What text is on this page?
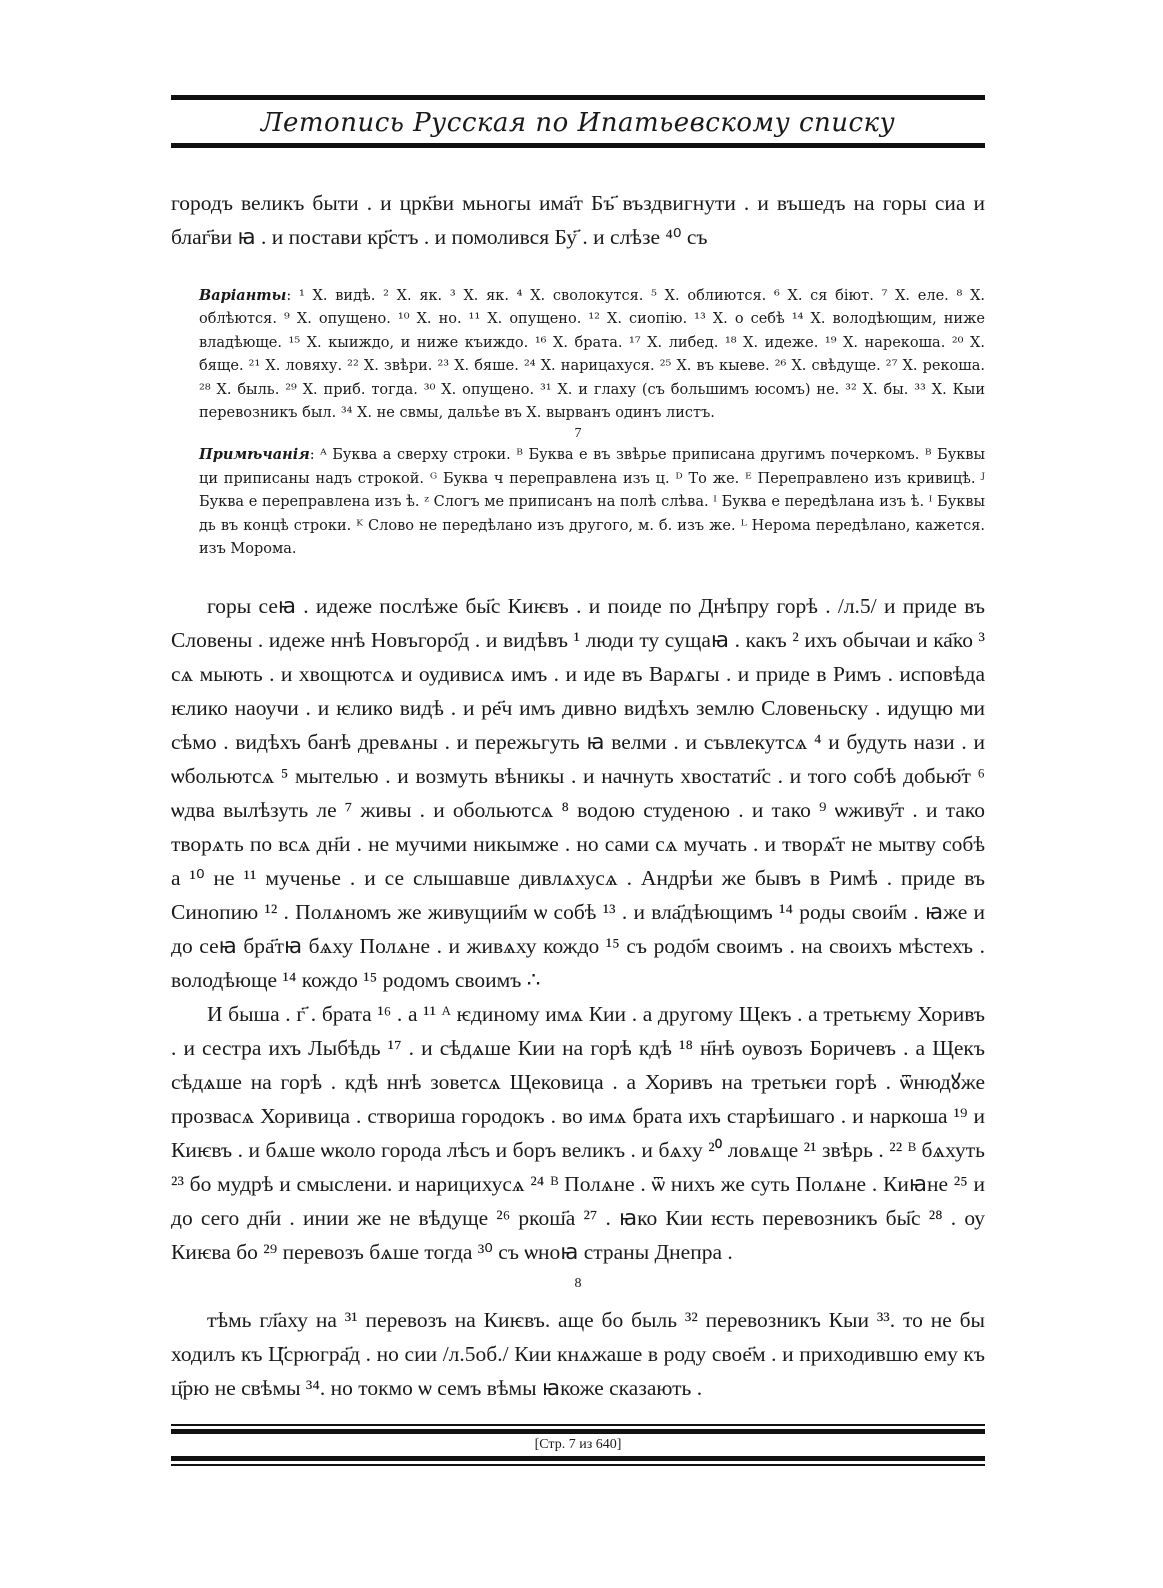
Летопись Русская по Ипатьевскому списку

городъ великъ быти . и црк҃ви мьногы има҃т Бъ҃ въздвигнути . и въшедъ на горы сиа и благ҃ви ꙗ . и постави кр҃стъ . и помолився Бу҃ . и слѣзе ⁴⁰ съ

Варіанты: ¹ Х. видѣ. ² Х. як. ³ Х. як. ⁴ Х. сволокутся. ⁵ Х. облиются. ⁶ Х. ся біют. ⁷ Х. еле. ⁸ Х. облѣются. ⁹ Х. опущено. ¹⁰ Х. но. ¹¹ Х. опущено. ¹² Х. сиопію. ¹³ Х. о себѣ ¹⁴ Х. володѣющим, ниже владѣюще. ¹⁵ Х. кыиждо, и ниже къиждо. ¹⁶ Х. брата. ¹⁷ Х. либед. ¹⁸ Х. идеже. ¹⁹ Х. нарекоша. ²⁰ Х. бяще. ²¹ Х. ловяху. ²² Х. звѣри. ²³ Х. бяше. ²⁴ Х. нарицахуся. ²⁵ Х. въ кыеве. ²⁶ Х. свѣдуще. ²⁷ Х. рекоша. ²⁸ Х. быль. ²⁹ Х. приб. тогда. ³⁰ Х. опущено. ³¹ Х. и глаху (съ большимъ юсомъ) не. ³² Х. бы. ³³ Х. Кыи перевозникъ был. ³⁴ Х. не свмы, дальѣе въ Х. вырванъ одинъ листъ.

7

Примѣчанія: ᴬ Буква а сверху строки. ᴮ Буква е въ звѣрье приписана другимъ почеркомъ. ᴮ Буквы ци приписаны надъ строкой. ᴳ Буква ч переправлена изъ ц. ᴰ То же. ᴱ Переправлено изъ кривицѣ. ᴶ Буква е переправлена изъ ѣ. ᶻ Слогъ ме приписанъ на полѣ слѣва. ᴵ Буква е передѣлана изъ ѣ. ᴵ Буквы дь въ концѣ строки. ᴷ Слово не передѣлано изъ другого, м. б. изъ же. ᴸ Нерома передѣлано, кажется. изъ Морома.

горы сеꙗ . идеже послѣже бы҃с Киѥвъ . и поиде по Днѣпру горѣ . /л.5/ и приде въ Словены . идеже ннѣ Новъгоро҃д . и видѣвъ ¹ люди ту сущаꙗ . какъ ² ихъ обычаи и ка҃ко ³ сѧ мыють . и хвощютсѧ и оудивисѧ имъ . и иде въ Варѧгы . и приде в Римъ . исповѣда ѥлико наоучи . и ѥлико видѣ . и ре҃ч имъ дивно видѣхъ землю Словеньску . идущю ми сѣмо . видѣхъ банѣ древѧны . и пережьгуть ꙗ велми . и съвлекутсѧ ⁴ и будуть нази . и ѡбольютсѧ ⁵ мытелью . и возмуть вѣникы . и начнуть хвостати҃с . и того собѣ добью҃т ⁶ ѡдва вылѣзуть ле ⁷ живы . и обольютсѧ ⁸ водою студеною . и тако ⁹ ѡживу҃т . и тако творѧть по всѧ дн҃и . не мучими никымже . но сами сѧ мучать . и творѧ҃т не мытву собѣ а ¹⁰ не ¹¹ мученье . и се слышавше дивлѧхусѧ . Андрѣи же бывъ в Римѣ . приде въ Синопию ¹² . Полѧномъ же живущии҃м ѡ собѣ ¹³ . и вла҃дѣющимъ ¹⁴ роды свои҃м . ꙗже и до сеꙗ бра҃тꙗ бѧху Полѧне . и живѧху кождо ¹⁵ съ родо҃м своимъ . на своихъ мѣстехъ . володѣюще ¹⁴ кождо ¹⁵ родомъ своимъ ∴

И быша . г҃ . брата ¹⁶ . а ¹¹ ᴬ ѥдиному имѧ Кии . а другому Щекъ . а третьѥму Хоривъ . и сестра ихъ Лыбѣдь ¹⁷ . и сѣдѧше Кии на горѣ кдѣ ¹⁸ н҃нѣ оувозъ Боричевъ . а Щекъ сѣдѧше на горѣ . кдѣ ннѣ зоветсѧ Щековица . а Хоривъ на третьѥи горѣ . ѿнюдꙋже прозвасѧ Хоривица . створиша городокъ . во имѧ брата ихъ старѣишаго . и наркоша ¹⁹ и Киѥвъ . и бѧше ѡколо города лѣсъ и боръ великъ . и бѧху ²⁰ ловѧще ²¹ звѣрь . ²² ᴮ бѧхуть ²³ бо мудрѣ и смыслени. и нарицихусѧ ²⁴ ᴮ Полѧне . ѿ нихъ же суть Полѧне . Киꙗне ²⁵ и до сего дн҃и . инии же не вѣдуще ²⁶ ркош҃а ²⁷ . ꙗко Кии ѥсть перевозникъ бы҃с ²⁸ . оу Киѥва бо ²⁹ перевозъ бѧше тогда ³⁰ съ ѡноꙗ страны Днепра .

8

тѣмь гл҃аху на ³¹ перевозъ на Киѥвъ. аще бо быль ³² перевозникъ Кыи ³³. то не бы ходилъ къ Ц҃срюгра҃д . но сии /л.5об./ Кии кнѧжаше в роду свое҃м . и приходившю ему къ ц҃рю не свѣмы ³⁴. но токмо ѡ семъ вѣмы ꙗкоже сказають .

[Стр. 7 из 640]
